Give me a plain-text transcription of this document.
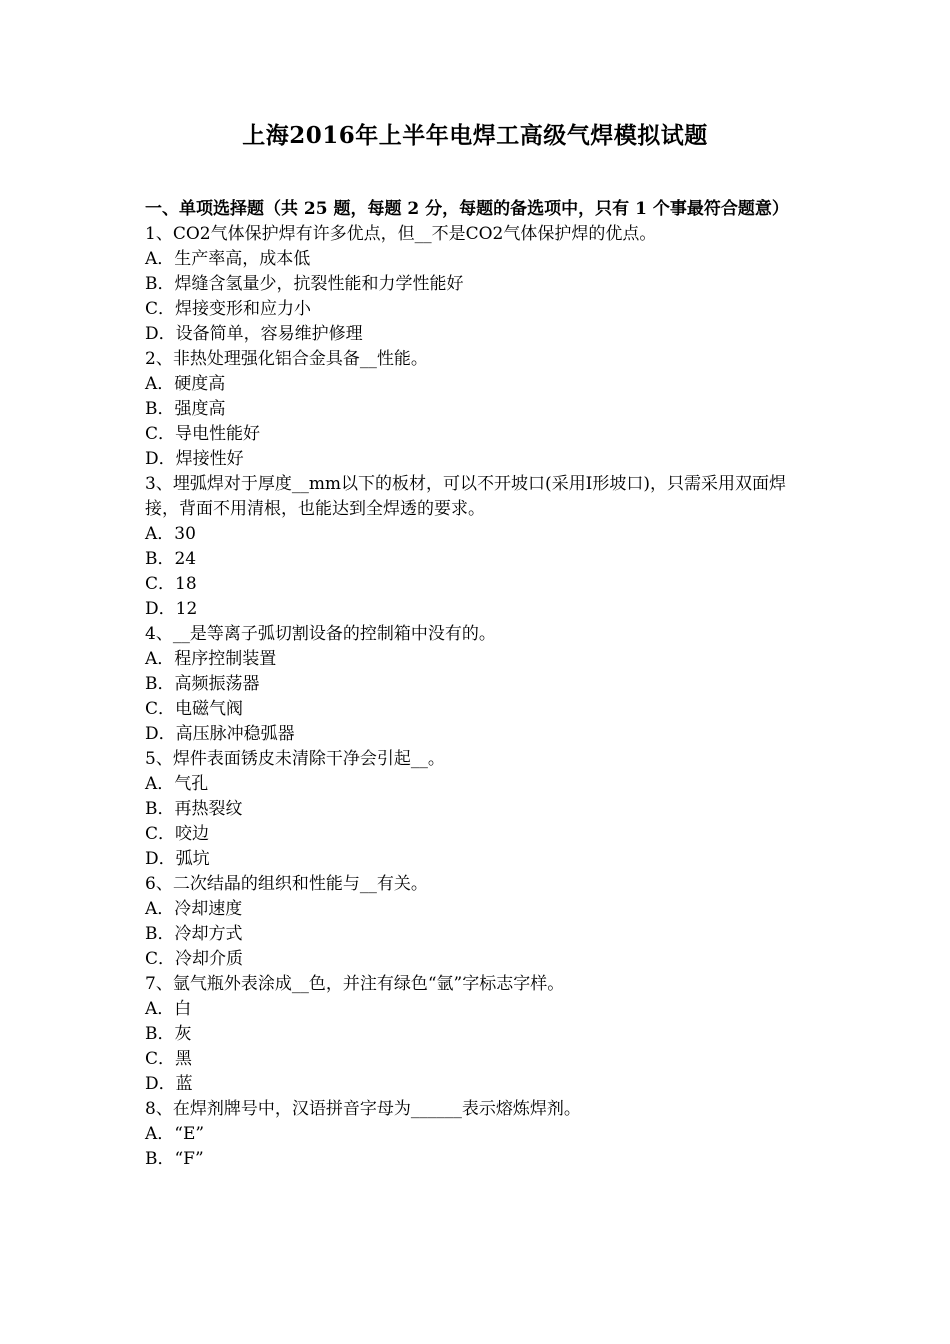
上海2016年上半年电焊工高级气焊模拟试题

一、单项选择题（共 25 题，每题 2 分，每题的备选项中，只有 1 个事最符合题意）

1、CO2气体保护焊有许多优点，但__不是CO2气体保护焊的优点。

A．生产率高，成本低

B．焊缝含氢量少，抗裂性能和力学性能好

C．焊接变形和应力小

D．设备简单，容易维护修理

2、非热处理强化铝合金具备__性能。

A．硬度高

B．强度高

C．导电性能好

D．焊接性好

3、埋弧焊对于厚度__mm以下的板材，可以不开坡口(采用Ⅰ形坡口)，只需采用双面焊接，背面不用清根，也能达到全焊透的要求。

A．30

B．24

C．18

D．12

4、__是等离子弧切割设备的控制箱中没有的。

A．程序控制装置

B．高频振荡器

C．电磁气阀

D．高压脉冲稳弧器

5、焊件表面锈皮未清除干净会引起__。

A．气孔

B．再热裂纹

C．咬边

D．弧坑

6、二次结晶的组织和性能与__有关。

A．冷却速度

B．冷却方式

C．冷却介质

7、氩气瓶外表涂成__色，并注有绿色“氩”字标志字样。

A．白

B．灰

C．黑

D．蓝

8、在焊剂牌号中，汉语拼音字母为______表示熔炼焊剂。

A．“E”

B．“F”
